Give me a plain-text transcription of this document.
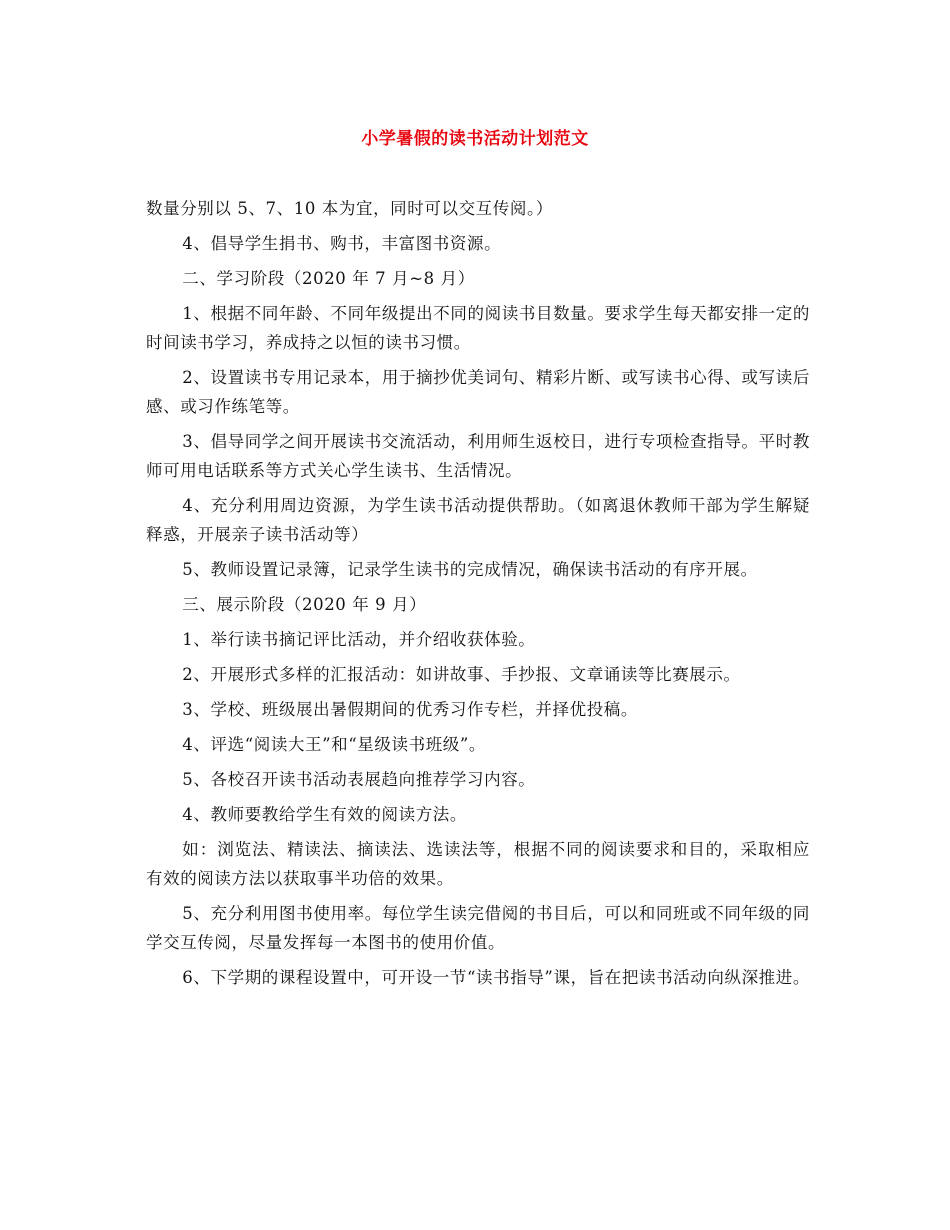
小学暑假的读书活动计划范文

数量分别以 5、7、10 本为宜，同时可以交互传阅。）

4、倡导学生捐书、购书，丰富图书资源。

二、学习阶段（2020 年 7 月~8 月）

1、根据不同年龄、不同年级提出不同的阅读书目数量。要求学生每天都安排一定的时间读书学习，养成持之以恒的读书习惯。

2、设置读书专用记录本，用于摘抄优美词句、精彩片断、或写读书心得、或写读后感、或习作练笔等。

3、倡导同学之间开展读书交流活动，利用师生返校日，进行专项检查指导。平时教师可用电话联系等方式关心学生读书、生活情况。

4、充分利用周边资源，为学生读书活动提供帮助。（如离退休教师干部为学生解疑释惑，开展亲子读书活动等）

5、教师设置记录簿，记录学生读书的完成情况，确保读书活动的有序开展。

三、展示阶段（2020 年 9 月）

1、举行读书摘记评比活动，并介绍收获体验。

2、开展形式多样的汇报活动：如讲故事、手抄报、文章诵读等比赛展示。

3、学校、班级展出暑假期间的优秀习作专栏，并择优投稿。

4、评选“阅读大王”和“星级读书班级”。

5、各校召开读书活动表展趋向推荐学习内容。

4、教师要教给学生有效的阅读方法。

如：浏览法、精读法、摘读法、选读法等，根据不同的阅读要求和目的，采取相应有效的阅读方法以获取事半功倍的效果。

5、充分利用图书使用率。每位学生读完借阅的书目后，可以和同班或不同年级的同学交互传阅，尽量发挥每一本图书的使用价值。

6、下学期的课程设置中，可开设一节“读书指导”课，旨在把读书活动向纵深推进。
